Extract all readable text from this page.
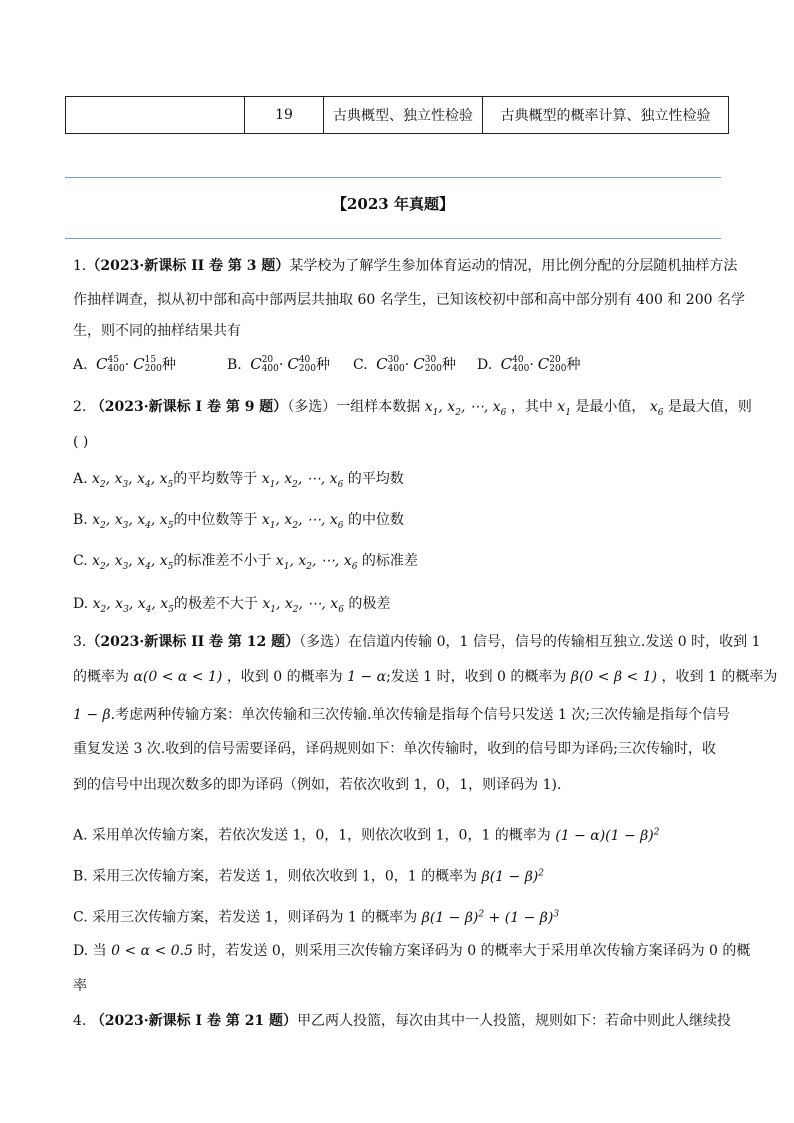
	19	古典概型、独立性检验	古典概型的概率计算、独立性检验
【2023 年真题】
1.（2023·新课标 II 卷 第 3 题）某学校为了解学生参加体育运动的情况，用比例分配的分层随机抽样方法
作抽样调查，拟从初中部和高中部两层共抽取 60 名学生，已知该校初中部和高中部分别有 400 和 200 名学
生，则不同的抽样结果共有
A. C45
400· C15
200种	B. C20
400· C40
200种 C. C30
400· C30
200种 D. C40
400· C20
200种
2. （2023·新课标 I 卷 第 9 题）（多选）一组样本数据 $x_1$, $x_2$, ⋯, $x_6$ ，其中 $x_1$ 是最小值， $x_6$ 是最大值，则
( )
A. $x_2$, $x_3$, $x_4$, $x_5$的平均数等于 $x_1$, $x_2$, ⋯, $x_6$ 的平均数
B. $x_2$, $x_3$, $x_4$, $x_5$的中位数等于 $x_1$, $x_2$, ⋯, $x_6$ 的中位数
C. $x_2$, $x_3$, $x_4$, $x_5$的标准差不小于 $x_1$, $x_2$, ⋯, $x_6$ 的标准差
D. $x_2$, $x_3$, $x_4$, $x_5$的极差不大于 $x_1$, $x_2$, ⋯, $x_6$ 的极差
3.（2023·新课标 II 卷 第 12 题）（多选）在信道内传输 0，1 信号，信号的传输相互独立.发送 0 时，收到 1
的概率为 α(0 < α < 1) ，收到 0 的概率为 1 − α;发送 1 时，收到 0 的概率为 β(0 < β < 1) ，收到 1 的概率为
1 − β.考虑两种传输方案：单次传输和三次传输.单次传输是指每个信号只发送 1 次;三次传输是指每个信号
重复发送 3 次.收到的信号需要译码，译码规则如下：单次传输时，收到的信号即为译码;三次传输时，收
到的信号中出现次数多的即为译码（例如，若依次收到 1，0，1，则译码为 1).
A. 采用单次传输方案，若依次发送 1，0，1，则依次收到 1，0，1 的概率为 $(1 - \alpha)(1 - \beta)^2$
B. 采用三次传输方案，若发送 1，则依次收到 1，0，1 的概率为 $\beta(1 - \beta)^2$
C. 采用三次传输方案，若发送 1，则译码为 1 的概率为 $\beta(1 - \beta)^2 + (1 - \beta)^3$
D. 当 0 < α < 0.5 时，若发送 0，则采用三次传输方案译码为 0 的概率大于采用单次传输方案译码为 0 的概
率
4. （2023·新课标 I 卷 第 21 题）甲乙两人投篮，每次由其中一人投篮，规则如下：若命中则此人继续投
